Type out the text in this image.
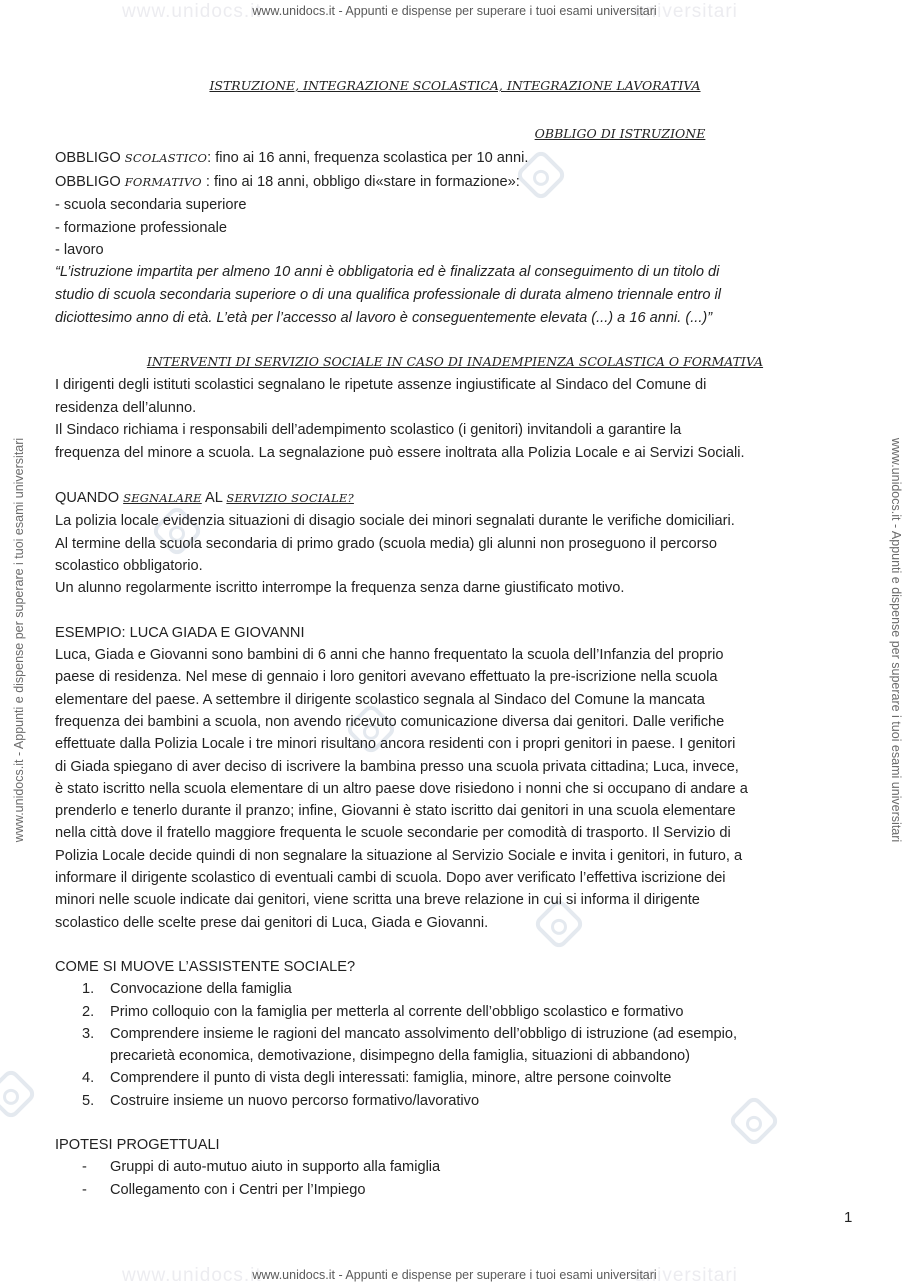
www.unidocs.it	universitari
www.unidocs.it - Appunti e dispense per superare i tuoi esami universitari
www.unidocs.it	universitari
www.unidocs.it - Appunti e dispense per superare i tuoi esami universitari
www.unidocs.it - Appunti e dispense per superare i tuoi esami universitari	www.unidocs.it - Appunti e dispense per superare i tuoi esami universitari
ISTRUZIONE, INTEGRAZIONE SCOLASTICA, INTEGRAZIONE LAVORATIVA
OBBLIGO DI ISTRUZIONE
OBBLIGO SCOLASTICO: fino ai 16 anni, frequenza scolastica per 10 anni.
OBBLIGO FORMATIVO : fino ai 18 anni, obbligo di«stare in formazione»:
- scuola secondaria superiore
- formazione professionale
- lavoro
“L’istruzione impartita per almeno 10 anni è obbligatoria ed è finalizzata al conseguimento di un titolo di
studio di scuola secondaria superiore o di una qualifica professionale di durata almeno triennale entro il
diciottesimo anno di età. L’età per l’accesso al lavoro è conseguentemente elevata (...) a 16 anni. (...)”
INTERVENTI DI SERVIZIO SOCIALE IN CASO DI INADEMPIENZA SCOLASTICA O FORMATIVA
I dirigenti degli istituti scolastici segnalano le ripetute assenze ingiustificate al Sindaco del Comune di
residenza dell’alunno.
Il Sindaco richiama i responsabili dell’adempimento scolastico (i genitori) invitandoli a garantire la
frequenza del minore a scuola. La segnalazione può essere inoltrata alla Polizia Locale e ai Servizi Sociali.
QUANDO SEGNALARE AL SERVIZIO SOCIALE?
La polizia locale evidenzia situazioni di disagio sociale dei minori segnalati durante le verifiche domiciliari.
Al termine della scuola secondaria di primo grado (scuola media) gli alunni non proseguono il percorso
scolastico obbligatorio.
Un alunno regolarmente iscritto interrompe la frequenza senza darne giustificato motivo.
ESEMPIO: LUCA GIADA E GIOVANNI
Luca, Giada e Giovanni sono bambini di 6 anni che hanno frequentato la scuola dell’Infanzia del proprio
paese di residenza. Nel mese di gennaio i loro genitori avevano effettuato la pre-iscrizione nella scuola
elementare del paese. A settembre il dirigente scolastico segnala al Sindaco del Comune la mancata
frequenza dei bambini a scuola, non avendo ricevuto comunicazione diversa dai genitori. Dalle verifiche
effettuate dalla Polizia Locale i tre minori risultano ancora residenti con i propri genitori in paese. I genitori
di Giada spiegano di aver deciso di iscrivere la bambina presso una scuola privata cittadina; Luca, invece,
è stato iscritto nella scuola elementare di un altro paese dove risiedono i nonni che si occupano di andare a
prenderlo e tenerlo durante il pranzo; infine, Giovanni è stato iscritto dai genitori in una scuola elementare
nella città dove il fratello maggiore frequenta le scuole secondarie per comodità di trasporto. Il Servizio di
Polizia Locale decide quindi di non segnalare la situazione al Servizio Sociale e invita i genitori, in futuro, a
informare il dirigente scolastico di eventuali cambi di scuola. Dopo aver verificato l’effettiva iscrizione dei
minori nelle scuole indicate dai genitori, viene scritta una breve relazione in cui si informa il dirigente
scolastico delle scelte prese dai genitori di Luca, Giada e Giovanni.
COME SI MUOVE L’ASSISTENTE SOCIALE?
1.	Convocazione della famiglia
2.	Primo colloquio con la famiglia per metterla al corrente dell’obbligo scolastico e formativo
3.	Comprendere insieme le ragioni del mancato assolvimento dell’obbligo di istruzione (ad esempio,
precarietà economica, demotivazione, disimpegno della famiglia, situazioni di abbandono)
4.	Comprendere il punto di vista degli interessati: famiglia, minore, altre persone coinvolte
5.	Costruire insieme un nuovo percorso formativo/lavorativo
IPOTESI PROGETTUALI
- Gruppi di auto-mutuo aiuto in supporto alla famiglia
- Collegamento con i Centri per l’Impiego
1
